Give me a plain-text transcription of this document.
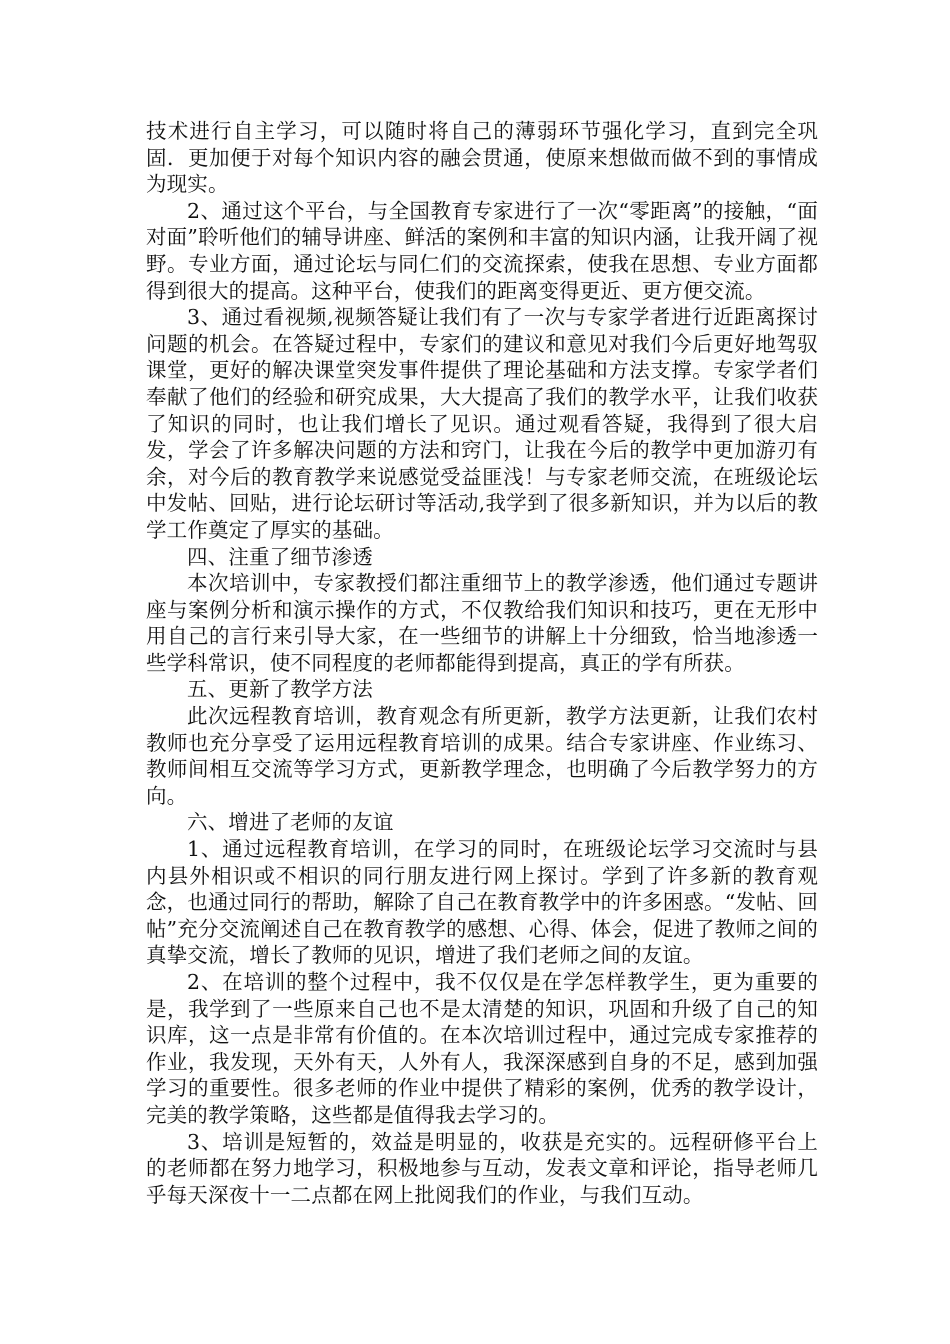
技术进行自主学习，可以随时将自己的薄弱环节强化学习，直到完全巩固．更加便于对每个知识内容的融会贯通，使原来想做而做不到的事情成为现实。

2、通过这个平台，与全国教育专家进行了一次“零距离”的接触，“面对面”聆听他们的辅导讲座、鲜活的案例和丰富的知识内涵，让我开阔了视野。专业方面，通过论坛与同仁们的交流探索，使我在思想、专业方面都得到很大的提高。这种平台，使我们的距离变得更近、更方便交流。

3、通过看视频,视频答疑让我们有了一次与专家学者进行近距离探讨问题的机会。在答疑过程中，专家们的建议和意见对我们今后更好地驾驭课堂，更好的解决课堂突发事件提供了理论基础和方法支撑。专家学者们奉献了他们的经验和研究成果，大大提高了我们的教学水平，让我们收获了知识的同时，也让我们增长了见识。通过观看答疑，我得到了很大启发，学会了许多解决问题的方法和窍门，让我在今后的教学中更加游刃有余，对今后的教育教学来说感觉受益匪浅！与专家老师交流，在班级论坛中发帖、回贴，进行论坛研讨等活动,我学到了很多新知识，并为以后的教学工作奠定了厚实的基础。

四、注重了细节渗透

本次培训中，专家教授们都注重细节上的教学渗透，他们通过专题讲座与案例分析和演示操作的方式，不仅教给我们知识和技巧，更在无形中用自己的言行来引导大家，在一些细节的讲解上十分细致，恰当地渗透一些学科常识，使不同程度的老师都能得到提高，真正的学有所获。

五、更新了教学方法

此次远程教育培训，教育观念有所更新，教学方法更新，让我们农村教师也充分享受了运用远程教育培训的成果。结合专家讲座、作业练习、教师间相互交流等学习方式，更新教学理念，也明确了今后教学努力的方向。

六、增进了老师的友谊

1、通过远程教育培训，在学习的同时，在班级论坛学习交流时与县内县外相识或不相识的同行朋友进行网上探讨。学到了许多新的教育观念，也通过同行的帮助，解除了自己在教育教学中的许多困惑。“发帖、回帖”充分交流阐述自己在教育教学的感想、心得、体会，促进了教师之间的真挚交流，增长了教师的见识，增进了我们老师之间的友谊。

2、在培训的整个过程中，我不仅仅是在学怎样教学生，更为重要的是，我学到了一些原来自己也不是太清楚的知识，巩固和升级了自己的知识库，这一点是非常有价值的。在本次培训过程中，通过完成专家推荐的作业，我发现，天外有天，人外有人，我深深感到自身的不足，感到加强学习的重要性。很多老师的作业中提供了精彩的案例，优秀的教学设计，完美的教学策略，这些都是值得我去学习的。

3、培训是短暂的，效益是明显的，收获是充实的。远程研修平台上的老师都在努力地学习，积极地参与互动，发表文章和评论，指导老师几乎每天深夜十一二点都在网上批阅我们的作业，与我们互动。
